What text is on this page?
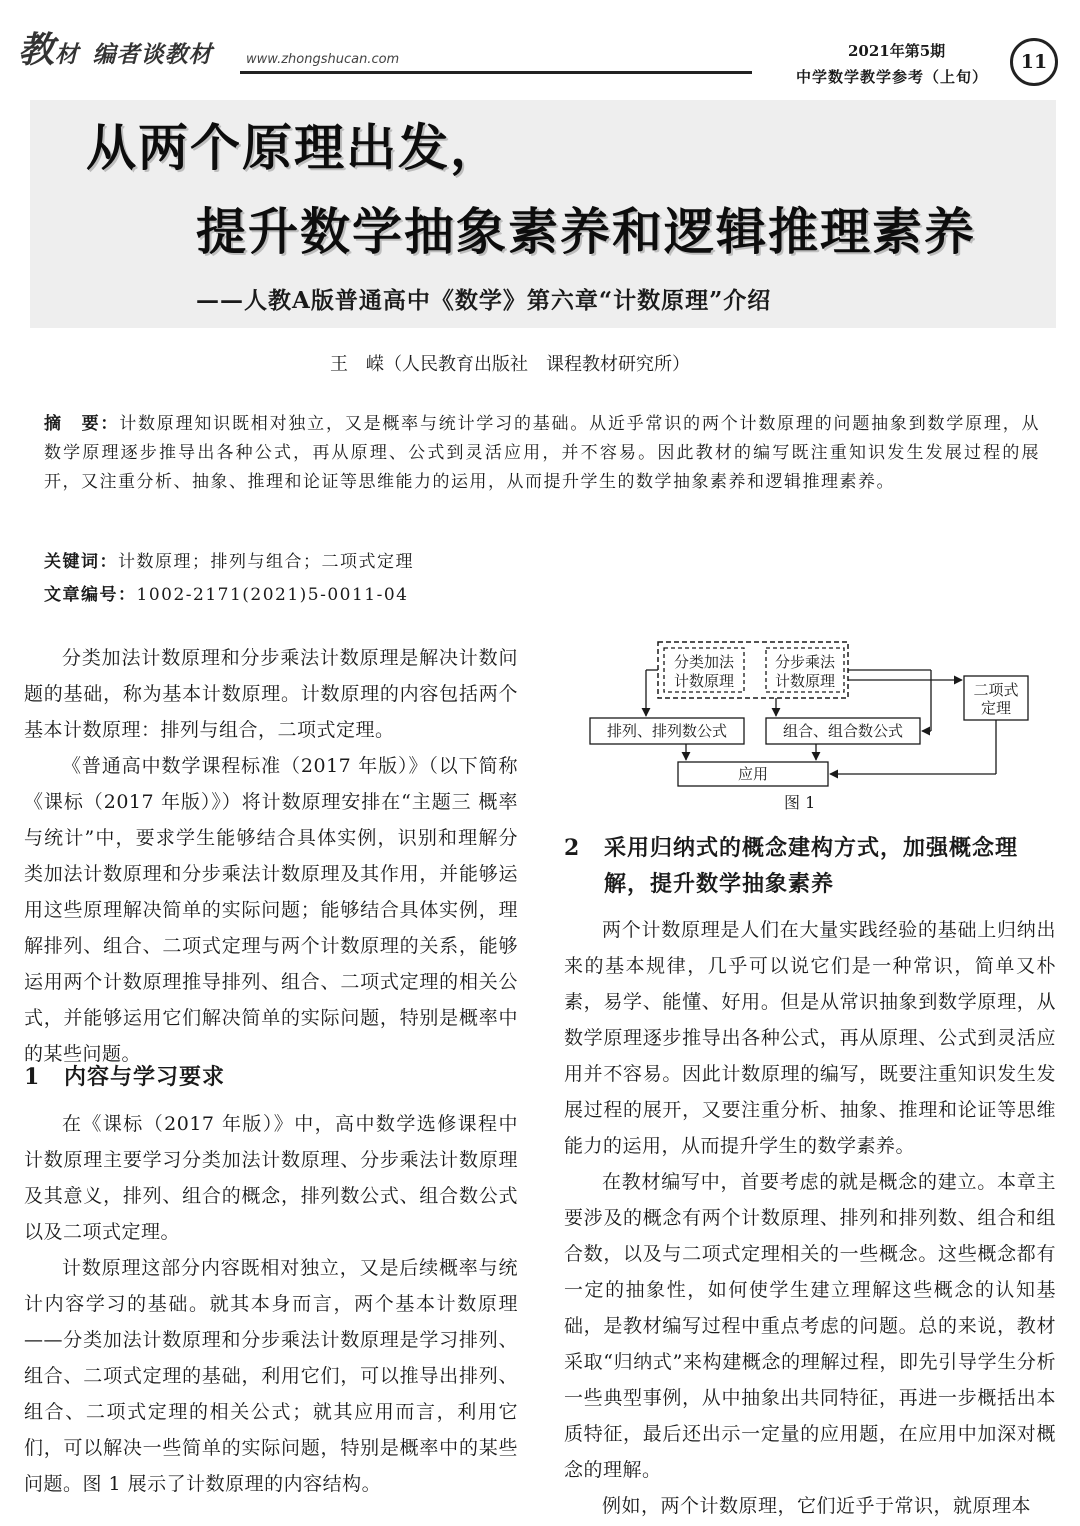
教材 编者谈教材	www.zhongshucan.com	2021年第5期
中学数学教学参考（上旬）
11
从两个原理出发，
提升数学抽象素养和逻辑推理素养
——人教A版普通高中《数学》第六章“计数原理”介绍
王　嵘（人民教育出版社　课程教材研究所）
摘　要：计数原理知识既相对独立，又是概率与统计学习的基础。从近乎常识的两个计数原理的问题抽象到数学原理，从数学原理逐步推导出各种公式，再从原理、公式到灵活应用，并不容易。因此教材的编写既注重知识发生发展过程的展开，又注重分析、抽象、推理和论证等思维能力的运用，从而提升学生的数学抽象素养和逻辑推理素养。
关键词：计数原理；排列与组合；二项式定理
文章编号：1002-2171(2021)5-0011-04

分类加法计数原理和分步乘法计数原理是解决计数问题的基础，称为基本计数原理。计数原理的内容包括两个基本计数原理：排列与组合，二项式定理。

《普通高中数学课程标准（2017 年版）》（以下简称《课标（2017 年版）》）将计数原理安排在“主题三 概率与统计”中，要求学生能够结合具体实例，识别和理解分类加法计数原理和分步乘法计数原理及其作用，并能够运用这些原理解决简单的实际问题；能够结合具体实例，理解排列、组合、二项式定理与两个计数原理的关系，能够运用两个计数原理推导排列、组合、二项式定理的相关公式，并能够运用它们解决简单的实际问题，特别是概率中的某些问题。

1 内容与学习要求

在《课标（2017 年版）》中，高中数学选修课程中计数原理主要学习分类加法计数原理、分步乘法计数原理及其意义，排列、组合的概念，排列数公式、组合数公式以及二项式定理。

计数原理这部分内容既相对独立，又是后续概率与统计内容学习的基础。就其本身而言，两个基本计数原理——分类加法计数原理和分步乘法计数原理是学习排列、组合、二项式定理的基础，利用它们，可以推导出排列、组合、二项式定理的相关公式；就其应用而言，利用它们，可以解决一些简单的实际问题，特别是概率中的某些问题。图 1 展示了计数原理的内容结构。

分类加法
计数原理
分步乘法
计数原理	二项式
定理
排列、排列数公式	组合、组合数公式
应用
图 1
2 采用归纳式的概念建构方式，加强概念理
解，提升数学抽象素养

两个计数原理是人们在大量实践经验的基础上归纳出来的基本规律，几乎可以说它们是一种常识，简单又朴素，易学、能懂、好用。但是从常识抽象到数学原理，从数学原理逐步推导出各种公式，再从原理、公式到灵活应用并不容易。因此计数原理的编写，既要注重知识发生发展过程的展开，又要注重分析、抽象、推理和论证等思维能力的运用，从而提升学生的数学素养。

在教材编写中，首要考虑的就是概念的建立。本章主要涉及的概念有两个计数原理、排列和排列数、组合和组合数，以及与二项式定理相关的一些概念。这些概念都有一定的抽象性，如何使学生建立理解这些概念的认知基础，是教材编写过程中重点考虑的问题。总的来说，教材采取“归纳式”来构建概念的理解过程，即先引导学生分析一些典型事例，从中抽象出共同特征，再进一步概括出本质特征，最后还出示一定量的应用题，在应用中加深对概念的理解。

例如，两个计数原理，它们近乎于常识，就原理本
